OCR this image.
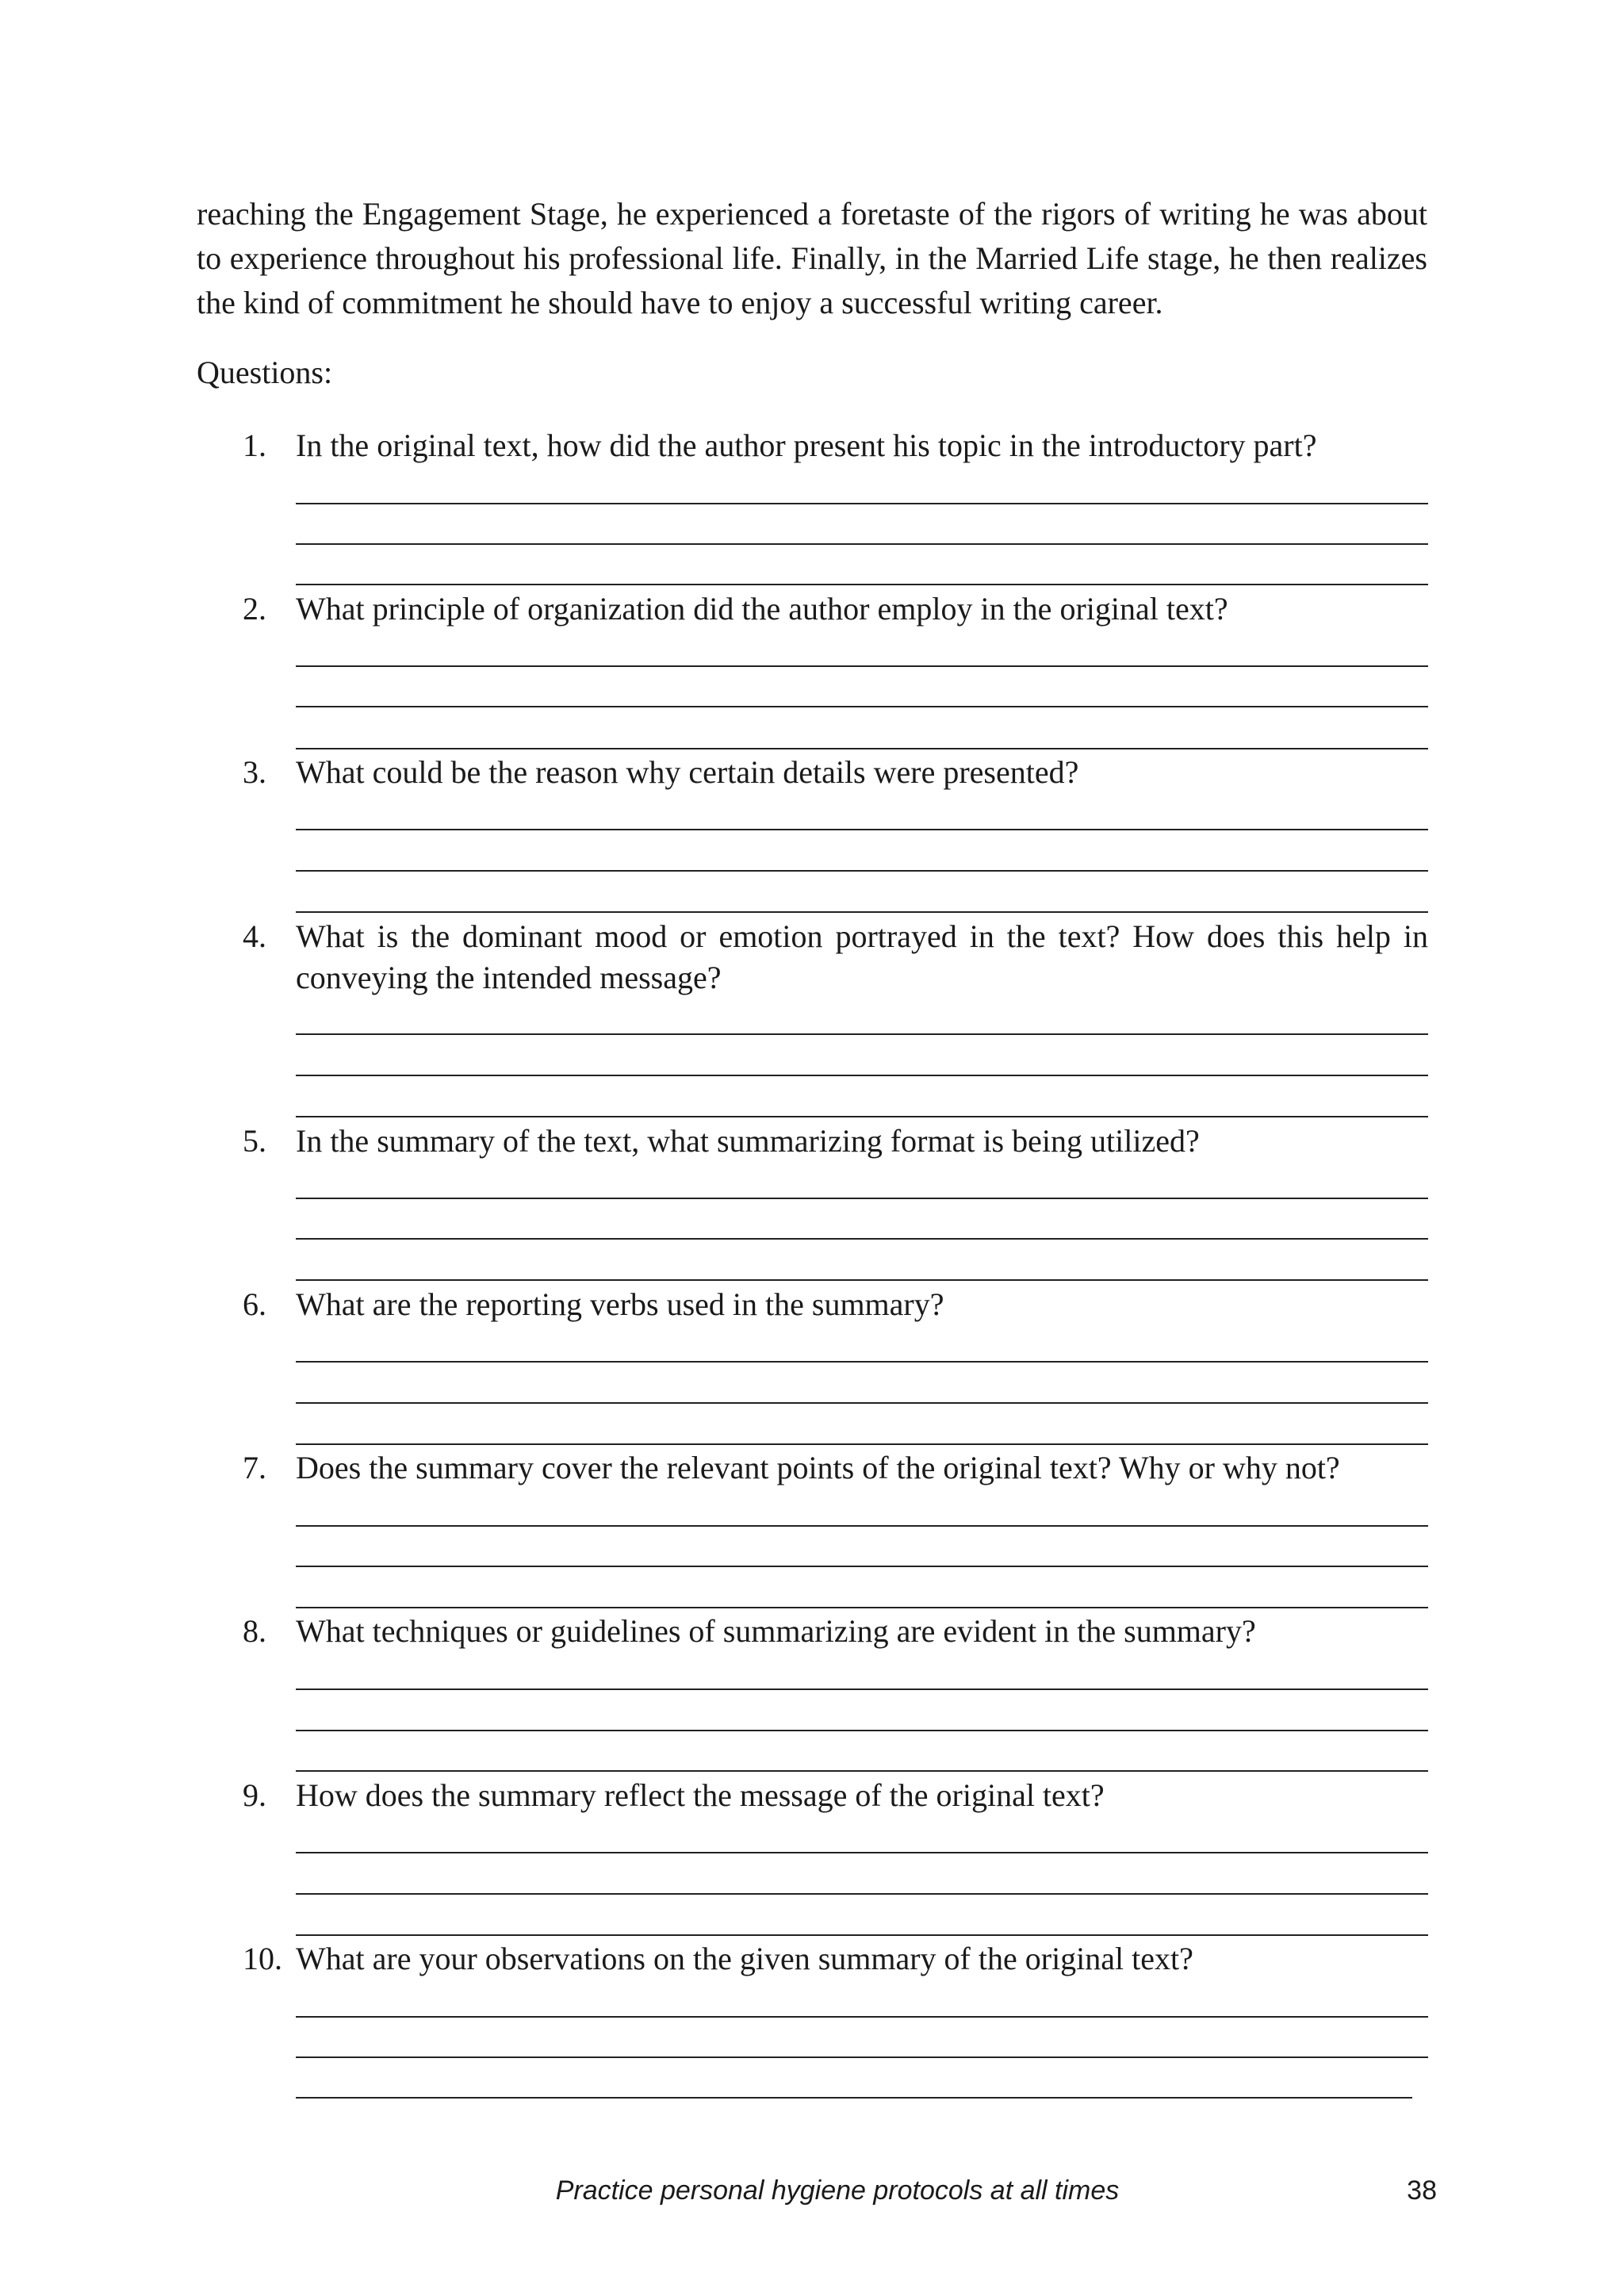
reaching the Engagement Stage, he experienced a foretaste of the rigors of writing he was about to experience throughout his professional life. Finally, in the Married Life stage, he then realizes the kind of commitment he should have to enjoy a successful writing career.

Questions:

1. In the original text, how did the author present his topic in the introductory part?
2. What principle of organization did the author employ in the original text?
3. What could be the reason why certain details were presented?
4. What is the dominant mood or emotion portrayed in the text? How does this help in conveying the intended message?
5. In the summary of the text, what summarizing format is being utilized?
6. What are the reporting verbs used in the summary?
7. Does the summary cover the relevant points of the original text? Why or why not?
8. What techniques or guidelines of summarizing are evident in the summary?
9. How does the summary reflect the message of the original text?
10. What are your observations on the given summary of the original text?

Practice personal hygiene protocols at all times	38
